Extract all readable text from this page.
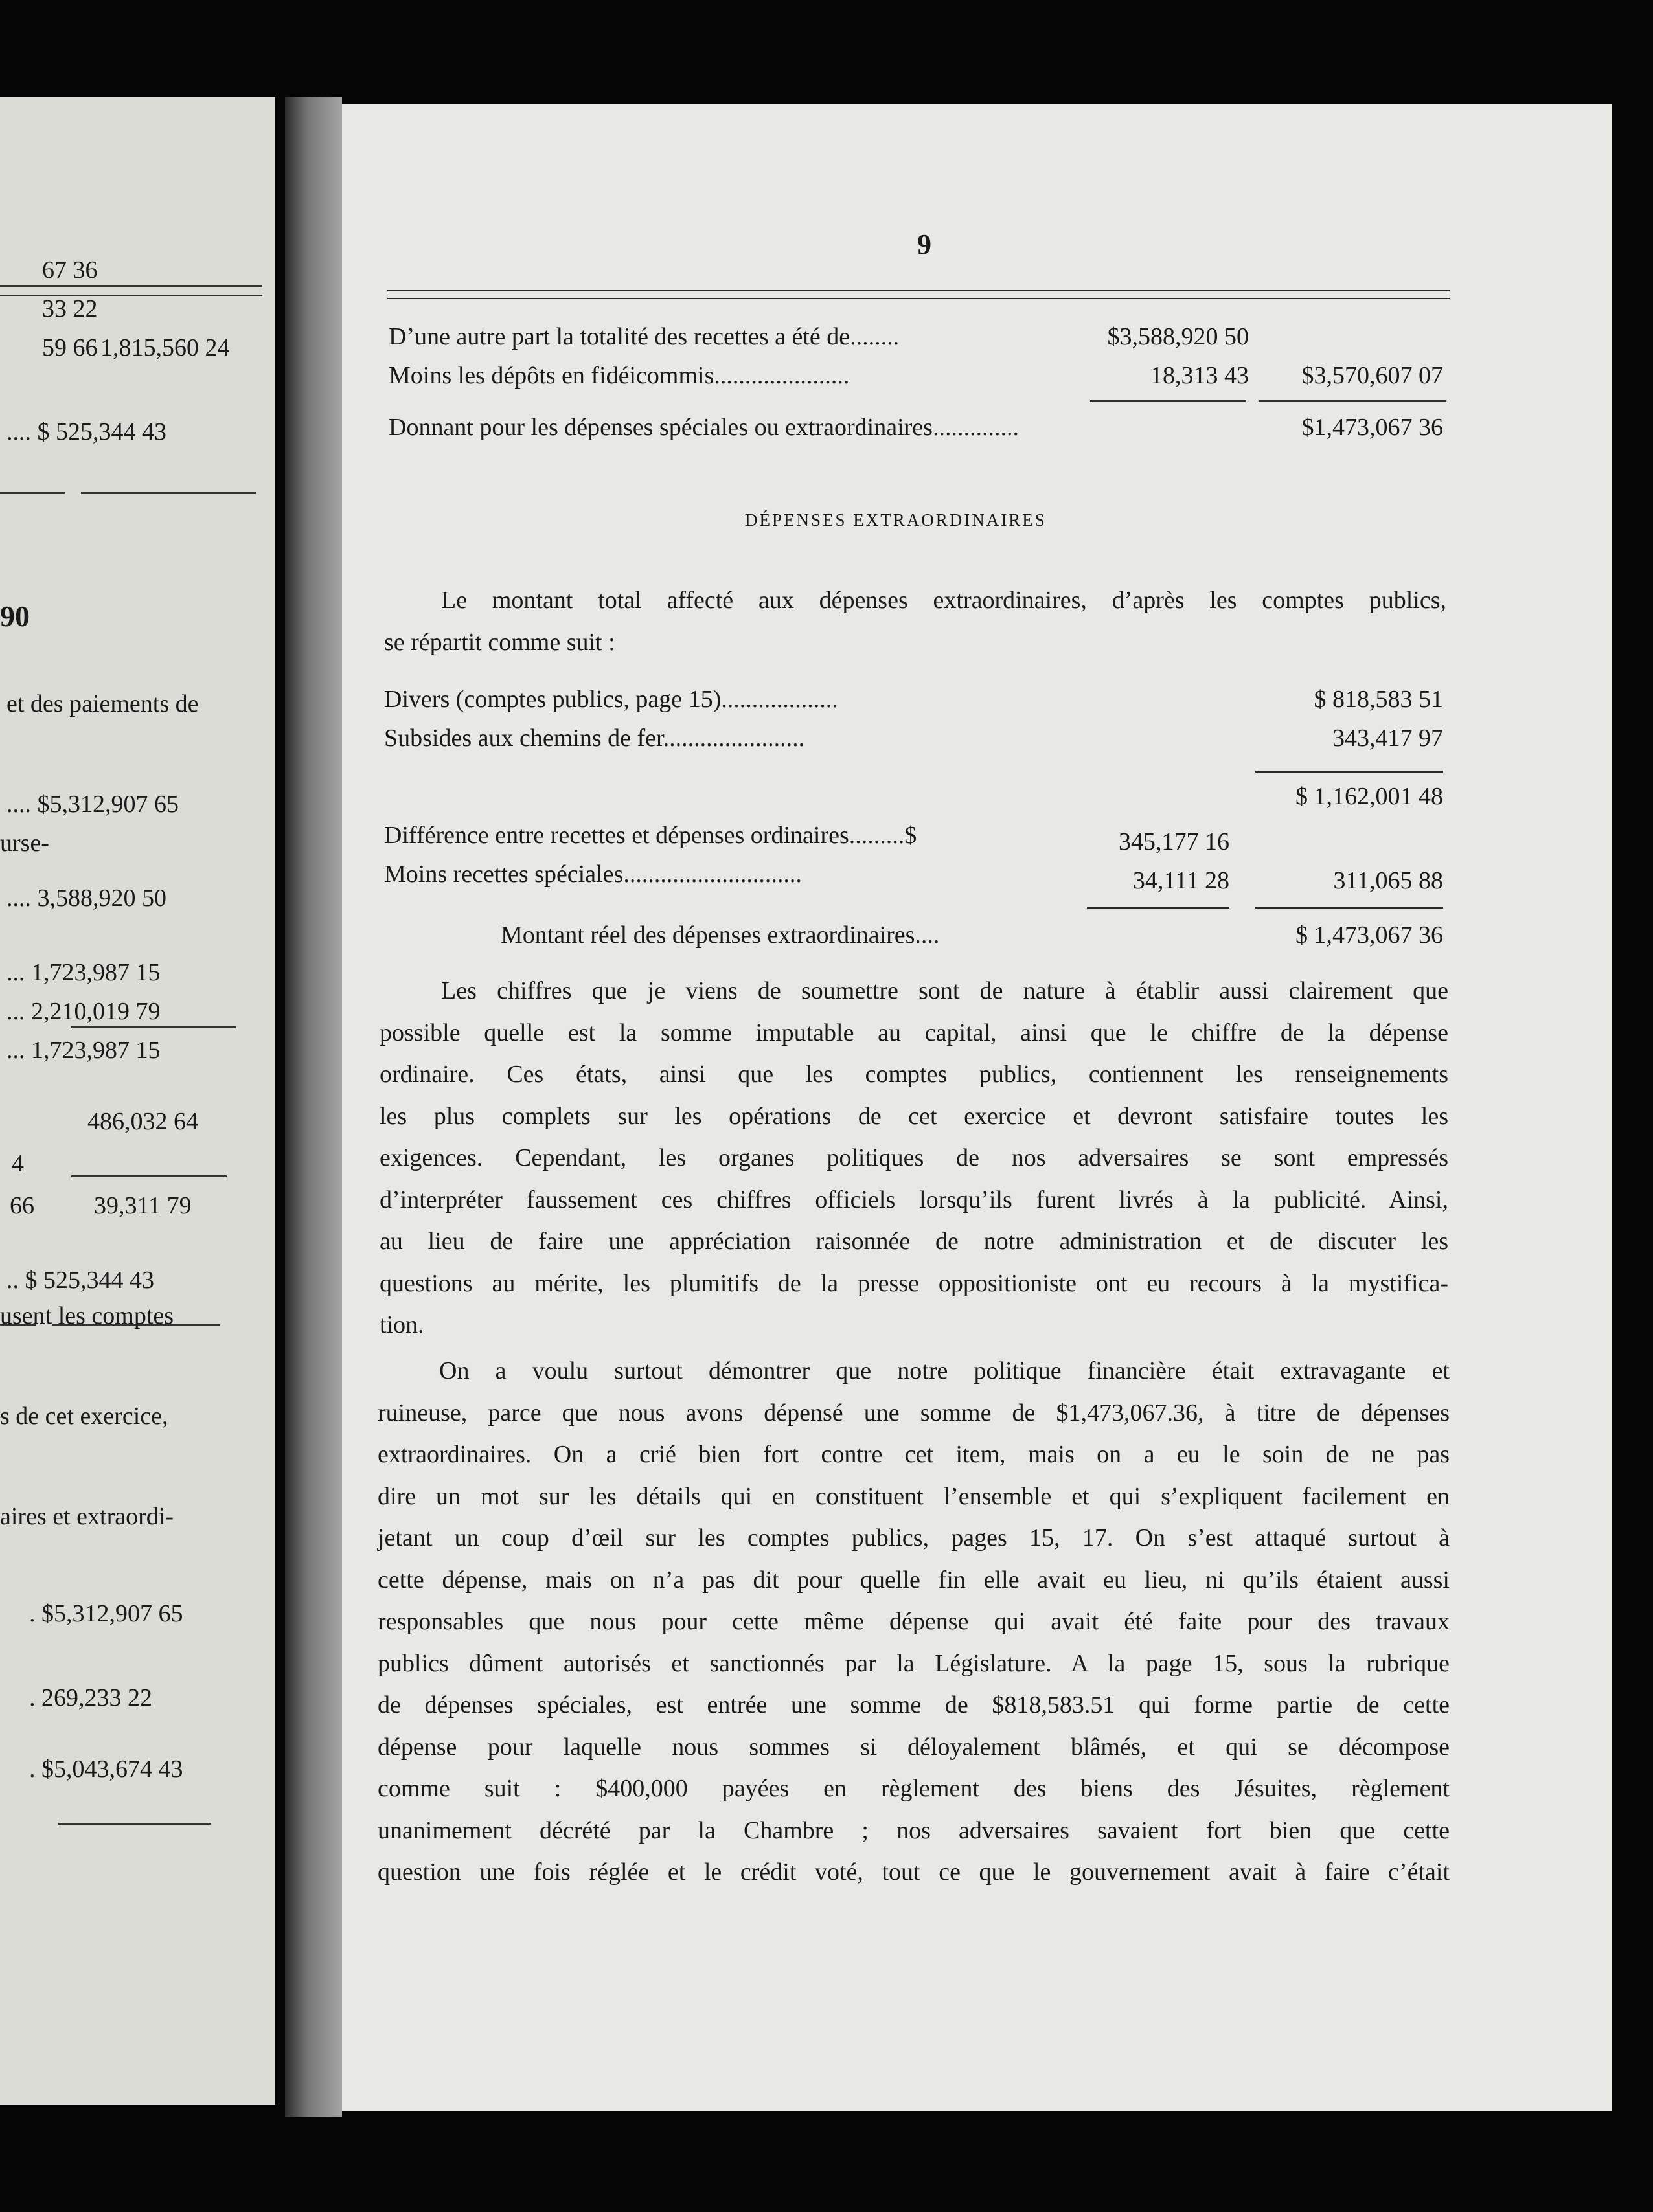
67 36
33 22
59 66 1,815,560 24
.... $ 525,344 43
90
et des paiements de
.... $5,312,907 65
urse-
.... 3,588,920 50
... 1,723,987 15
... 2,210,019 79
... 1,723,987 15
486,032 64
4
66 39,311 79
.. $ 525,344 43
usent les comptes
s de cet exercice,
aires et extraordi-
. $5,312,907 65
. 269,233 22
. $5,043,674 43
9
D’une autre part la totalité des recettes a été de........	$3,588,920 50
Moins les dépôts en fidéicommis......................	18,313 43	$3,570,607 07
Donnant pour les dépenses spéciales ou extraordinaires..............	$1,473,067 36
DÉPENSES EXTRAORDINAIRES
Le montant total affecté aux dépenses extraordinaires, d’après les comptes publics,
se répartit comme suit :
Divers (comptes publics, page 15)...................	$ 818,583 51
Subsides aux chemins de fer.......................	343,417 97
$ 1,162,001 48
Différence entre recettes et dépenses ordinaires.........$	345,177 16
Moins recettes spéciales.............................	34,111 28	311,065 88
Montant réel des dépenses extraordinaires....	$ 1,473,067 36
Les chiffres que je viens de soumettre sont de nature à établir aussi clairement que
possible quelle est la somme imputable au capital, ainsi que le chiffre de la dépense
ordinaire. Ces états, ainsi que les comptes publics, contiennent les renseignements
les plus complets sur les opérations de cet exercice et devront satisfaire toutes les
exigences. Cependant, les organes politiques de nos adversaires se sont empressés
d’interpréter faussement ces chiffres officiels lorsqu’ils furent livrés à la publicité. Ainsi,
au lieu de faire une appréciation raisonnée de notre administration et de discuter les
questions au mérite, les plumitifs de la presse oppositioniste ont eu recours à la mystifica-
tion.
On a voulu surtout démontrer que notre politique financière était extravagante et
ruineuse, parce que nous avons dépensé une somme de $1,473,067.36, à titre de dépenses
extraordinaires. On a crié bien fort contre cet item, mais on a eu le soin de ne pas
dire un mot sur les détails qui en constituent l’ensemble et qui s’expliquent facilement en
jetant un coup d’œil sur les comptes publics, pages 15, 17. On s’est attaqué surtout à
cette dépense, mais on n’a pas dit pour quelle fin elle avait eu lieu, ni qu’ils étaient aussi
responsables que nous pour cette même dépense qui avait été faite pour des travaux
publics dûment autorisés et sanctionnés par la Législature. A la page 15, sous la rubrique
de dépenses spéciales, est entrée une somme de $818,583.51 qui forme partie de cette
dépense pour laquelle nous sommes si déloyalement blâmés, et qui se décompose
comme suit : $400,000 payées en règlement des biens des Jésuites, règlement
unanimement décrété par la Chambre ; nos adversaires savaient fort bien que cette
question une fois réglée et le crédit voté, tout ce que le gouvernement avait à faire c’était
